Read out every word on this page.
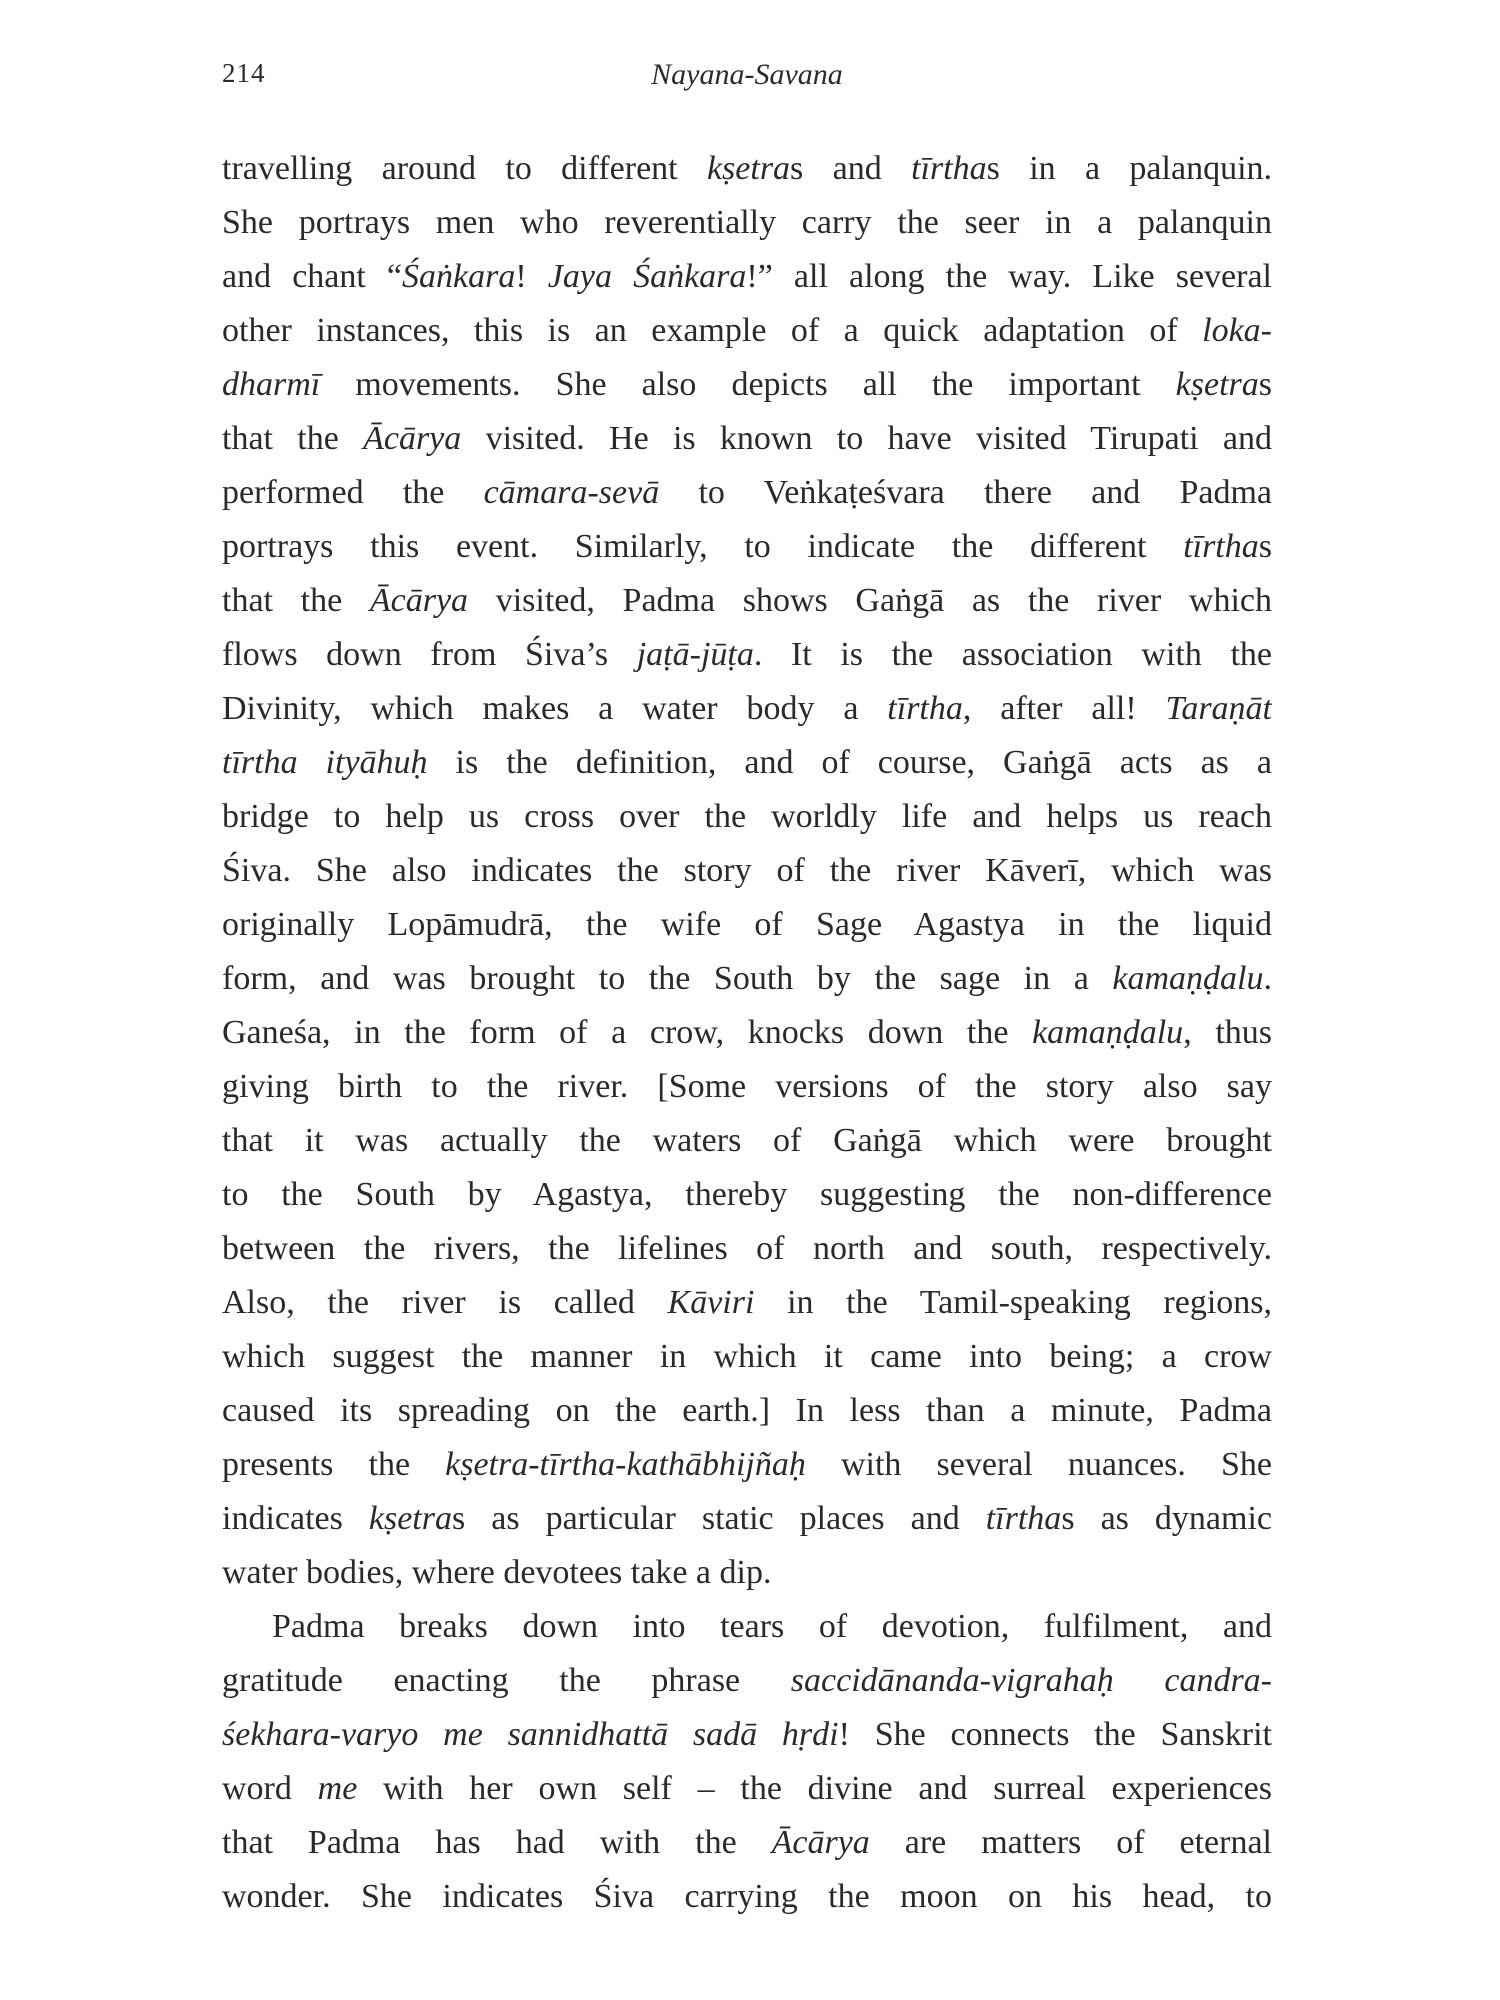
214	Nayana-Savana
travelling around to different kṣetras and tīrthas in a palanquin.
She portrays men who reverentially carry the seer in a palanquin
and chant “Śaṅkara! Jaya Śaṅkara!” all along the way. Like several
other instances, this is an example of a quick adaptation of loka-
dharmī movements. She also depicts all the important kṣetras
that the Ācārya visited. He is known to have visited Tirupati and
performed the cāmara-sevā to Veṅkaṭeśvara there and Padma
portrays this event. Similarly, to indicate the different tīrthas
that the Ācārya visited, Padma shows Gaṅgā as the river which
flows down from Śiva’s jaṭā-jūṭa. It is the association with the
Divinity, which makes a water body a tīrtha, after all! Taraṇāt
tīrtha ityāhuḥ is the definition, and of course, Gaṅgā acts as a
bridge to help us cross over the worldly life and helps us reach
Śiva. She also indicates the story of the river Kāverī, which was
originally Lopāmudrā, the wife of Sage Agastya in the liquid
form, and was brought to the South by the sage in a kamaṇḍalu.
Ganeśa, in the form of a crow, knocks down the kamaṇḍalu, thus
giving birth to the river. [Some versions of the story also say
that it was actually the waters of Gaṅgā which were brought
to the South by Agastya, thereby suggesting the non-difference
between the rivers, the lifelines of north and south, respectively.
Also, the river is called Kāviri in the Tamil-speaking regions,
which suggest the manner in which it came into being; a crow
caused its spreading on the earth.] In less than a minute, Padma
presents the kṣetra-tīrtha-kathābhijñaḥ with several nuances. She
indicates kṣetras as particular static places and tīrthas as dynamic
water bodies, where devotees take a dip.
Padma breaks down into tears of devotion, fulfilment, and
gratitude enacting the phrase saccidānanda-vigrahaḥ candra-
śekhara-varyo me sannidhattā sadā hṛdi! She connects the Sanskrit
word me with her own self – the divine and surreal experiences
that Padma has had with the Ācārya are matters of eternal
wonder. She indicates Śiva carrying the moon on his head, to
